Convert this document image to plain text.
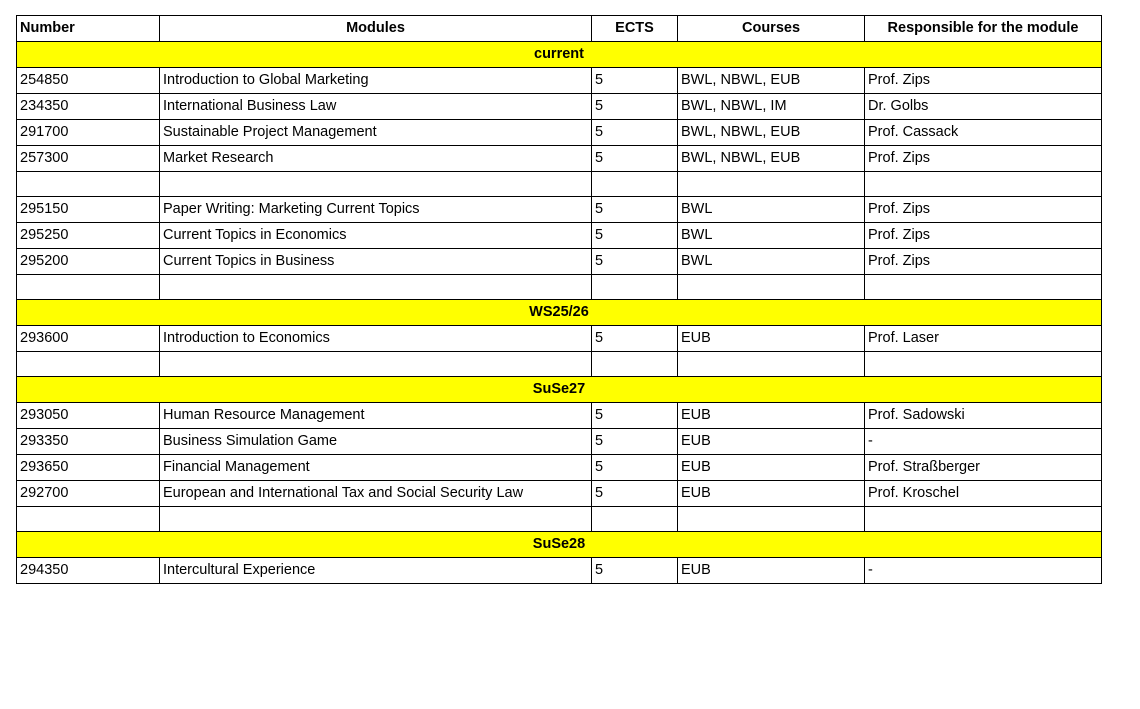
Number	Modules	ECTS	Courses	Responsible for the module
current				
254850	Introduction to Global Marketing	5	BWL, NBWL, EUB	Prof. Zips
234350	International Business Law	5	BWL, NBWL, IM	Dr. Golbs
291700	Sustainable Project Management	5	BWL, NBWL, EUB	Prof. Cassack
257300	Market Research	5	BWL, NBWL, EUB	Prof. Zips

295150	Paper Writing: Marketing Current Topics	5	BWL	Prof. Zips
295250	Current Topics in Economics	5	BWL	Prof. Zips
295200	Current Topics in Business	5	BWL	Prof. Zips

WS25/26				
293600	Introduction to Economics	5	EUB	Prof. Laser

SuSe27				
293050	Human Resource Management	5	EUB	Prof. Sadowski
293350	Business Simulation Game	5	EUB	-
293650	Financial Management	5	EUB	Prof. Straßberger
292700	European and International Tax and Social Security Law	5	EUB	Prof. Kroschel

SuSe28				
294350	Intercultural Experience	5	EUB	-
